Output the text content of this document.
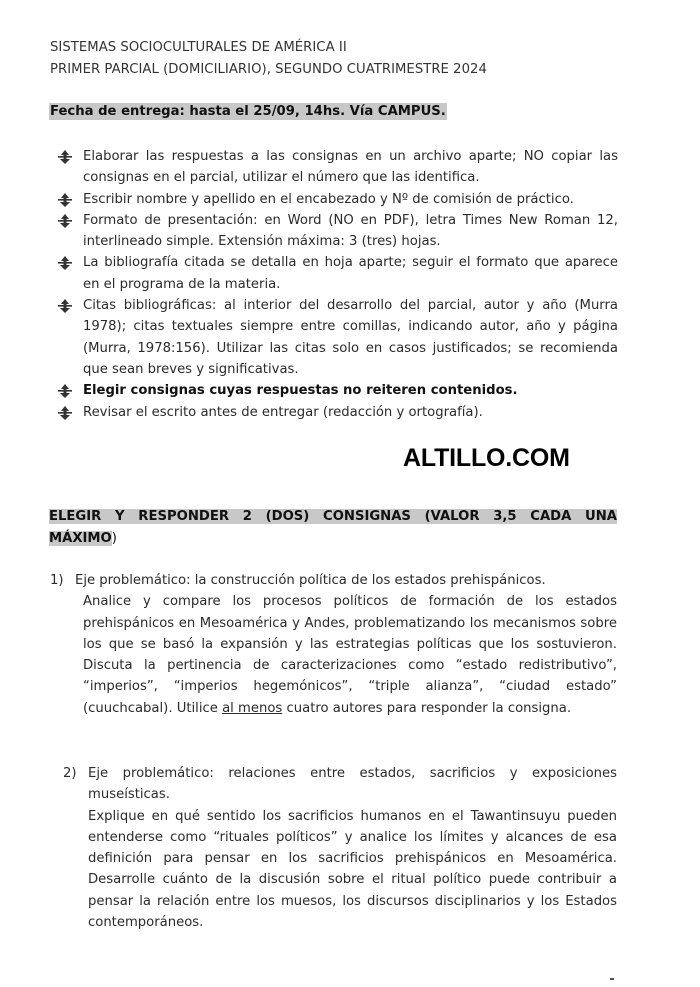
SISTEMAS SOCIOCULTURALES DE AMÉRICA II
PRIMER PARCIAL (DOMICILIARIO), SEGUNDO CUATRIMESTRE 2024
Fecha de entrega: hasta el 25/09, 14hs. Vía CAMPUS.
Elaborar las respuestas a las consignas en un archivo aparte; NO copiar las consignas en el parcial, utilizar el número que las identifica.
Escribir nombre y apellido en el encabezado y Nº de comisión de práctico.
Formato de presentación: en Word (NO en PDF), letra Times New Roman 12, interlineado simple. Extensión máxima: 3 (tres) hojas.
La bibliografía citada se detalla en hoja aparte; seguir el formato que aparece en el programa de la materia.
Citas bibliográficas: al interior del desarrollo del parcial, autor y año (Murra 1978); citas textuales siempre entre comillas, indicando autor, año y página (Murra, 1978:156). Utilizar las citas solo en casos justificados; se recomienda que sean breves y significativas.
Elegir consignas cuyas respuestas no reiteren contenidos.
Revisar el escrito antes de entregar (redacción y ortografía).
ALTILLO.COM
ELEGIR Y RESPONDER 2 (DOS) CONSIGNAS (VALOR 3,5 CADA UNA
MÁXIMO)
1) Eje problemático: la construcción política de los estados prehispánicos.

Analice y compare los procesos políticos de formación de los estados prehispánicos en Mesoamérica y Andes, problematizando los mecanismos sobre los que se basó la expansión y las estrategias políticas que los sostuvieron. Discuta la pertinencia de caracterizaciones como “estado redistributivo”, “imperios”, “imperios hegemónicos”, “triple alianza”, “ciudad estado” (cuuchcabal). Utilice al menos cuatro autores para responder la consigna.

2) Eje problemático: relaciones entre estados, sacrificios y exposiciones museísticas.

Explique en qué sentido los sacrificios humanos en el Tawantinsuyu pueden entenderse como “rituales políticos” y analice los límites y alcances de esa definición para pensar en los sacrificios prehispánicos en Mesoamérica. Desarrolle cuánto de la discusión sobre el ritual político puede contribuir a pensar la relación entre los muesos, los discursos disciplinarios y los Estados contemporáneos.
